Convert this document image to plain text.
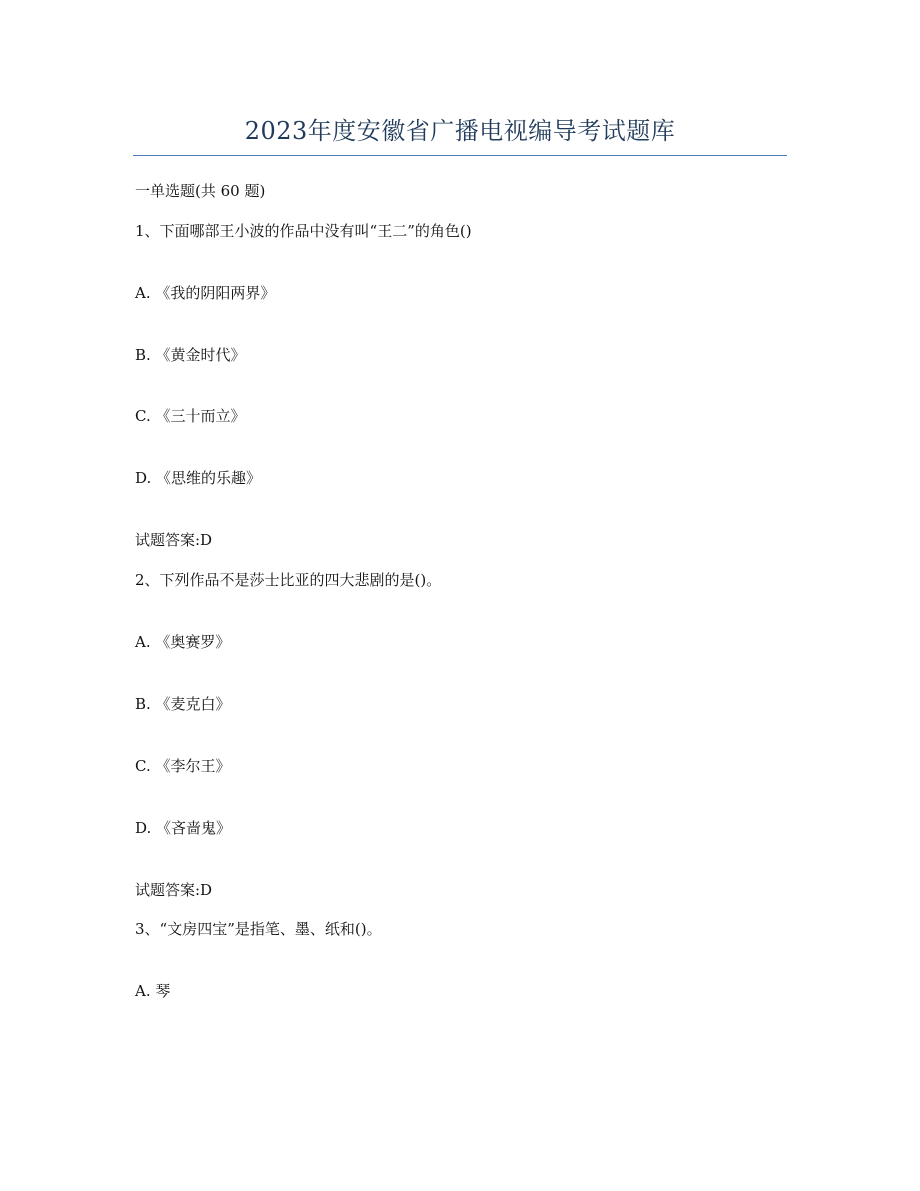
2023年度安徽省广播电视编导考试题库
一单选题(共 60 题)
1、下面哪部王小波的作品中没有叫“王二”的角色()
A. 《我的阴阳两界》
B. 《黄金时代》
C. 《三十而立》
D. 《思维的乐趣》
试题答案:D
2、下列作品不是莎士比亚的四大悲剧的是()。
A. 《奥赛罗》
B. 《麦克白》
C. 《李尔王》
D. 《吝啬鬼》
试题答案:D
3、“文房四宝”是指笔、墨、纸和()。
A. 琴
